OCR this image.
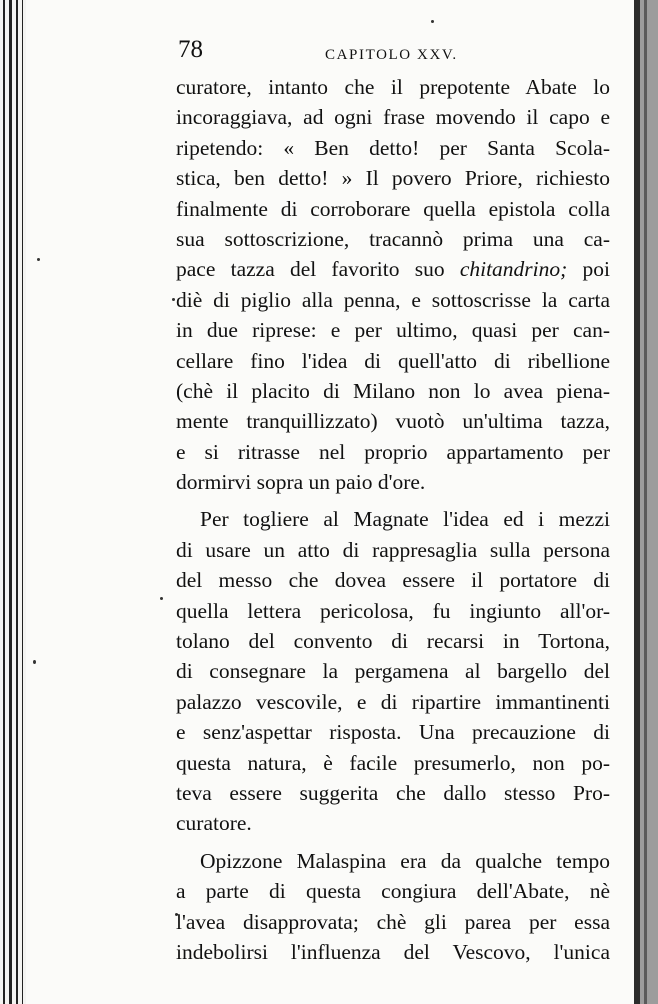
78	CAPITOLO XXV.
curatore, intanto che il prepotente Abate lo
incoraggiava, ad ogni frase movendo il capo e
ripetendo: « Ben detto! per Santa Scola-
stica, ben detto! » Il povero Priore, richiesto
finalmente di corroborare quella epistola colla
sua sottoscrizione, tracannò prima una ca-
pace tazza del favorito suo chitandrino; poi
diè di piglio alla penna, e sottoscrisse la carta
in due riprese: e per ultimo, quasi per can-
cellare fino l'idea di quell'atto di ribellione
(chè il placito di Milano non lo avea piena-
mente tranquillizzato) vuotò un'ultima tazza,
e si ritrasse nel proprio appartamento per
dormirvi sopra un paio d'ore.
Per togliere al Magnate l'idea ed i mezzi
di usare un atto di rappresaglia sulla persona
del messo che dovea essere il portatore di
quella lettera pericolosa, fu ingiunto all'or-
tolano del convento di recarsi in Tortona,
di consegnare la pergamena al bargello del
palazzo vescovile, e di ripartire immantinenti
e senz'aspettar risposta. Una precauzione di
questa natura, è facile presumerlo, non po-
teva essere suggerita che dallo stesso Pro-
curatore.
Opizzone Malaspina era da qualche tempo
a parte di questa congiura dell'Abate, nè
l'avea disapprovata; chè gli parea per essa
indebolirsi l'influenza del Vescovo, l'unica
